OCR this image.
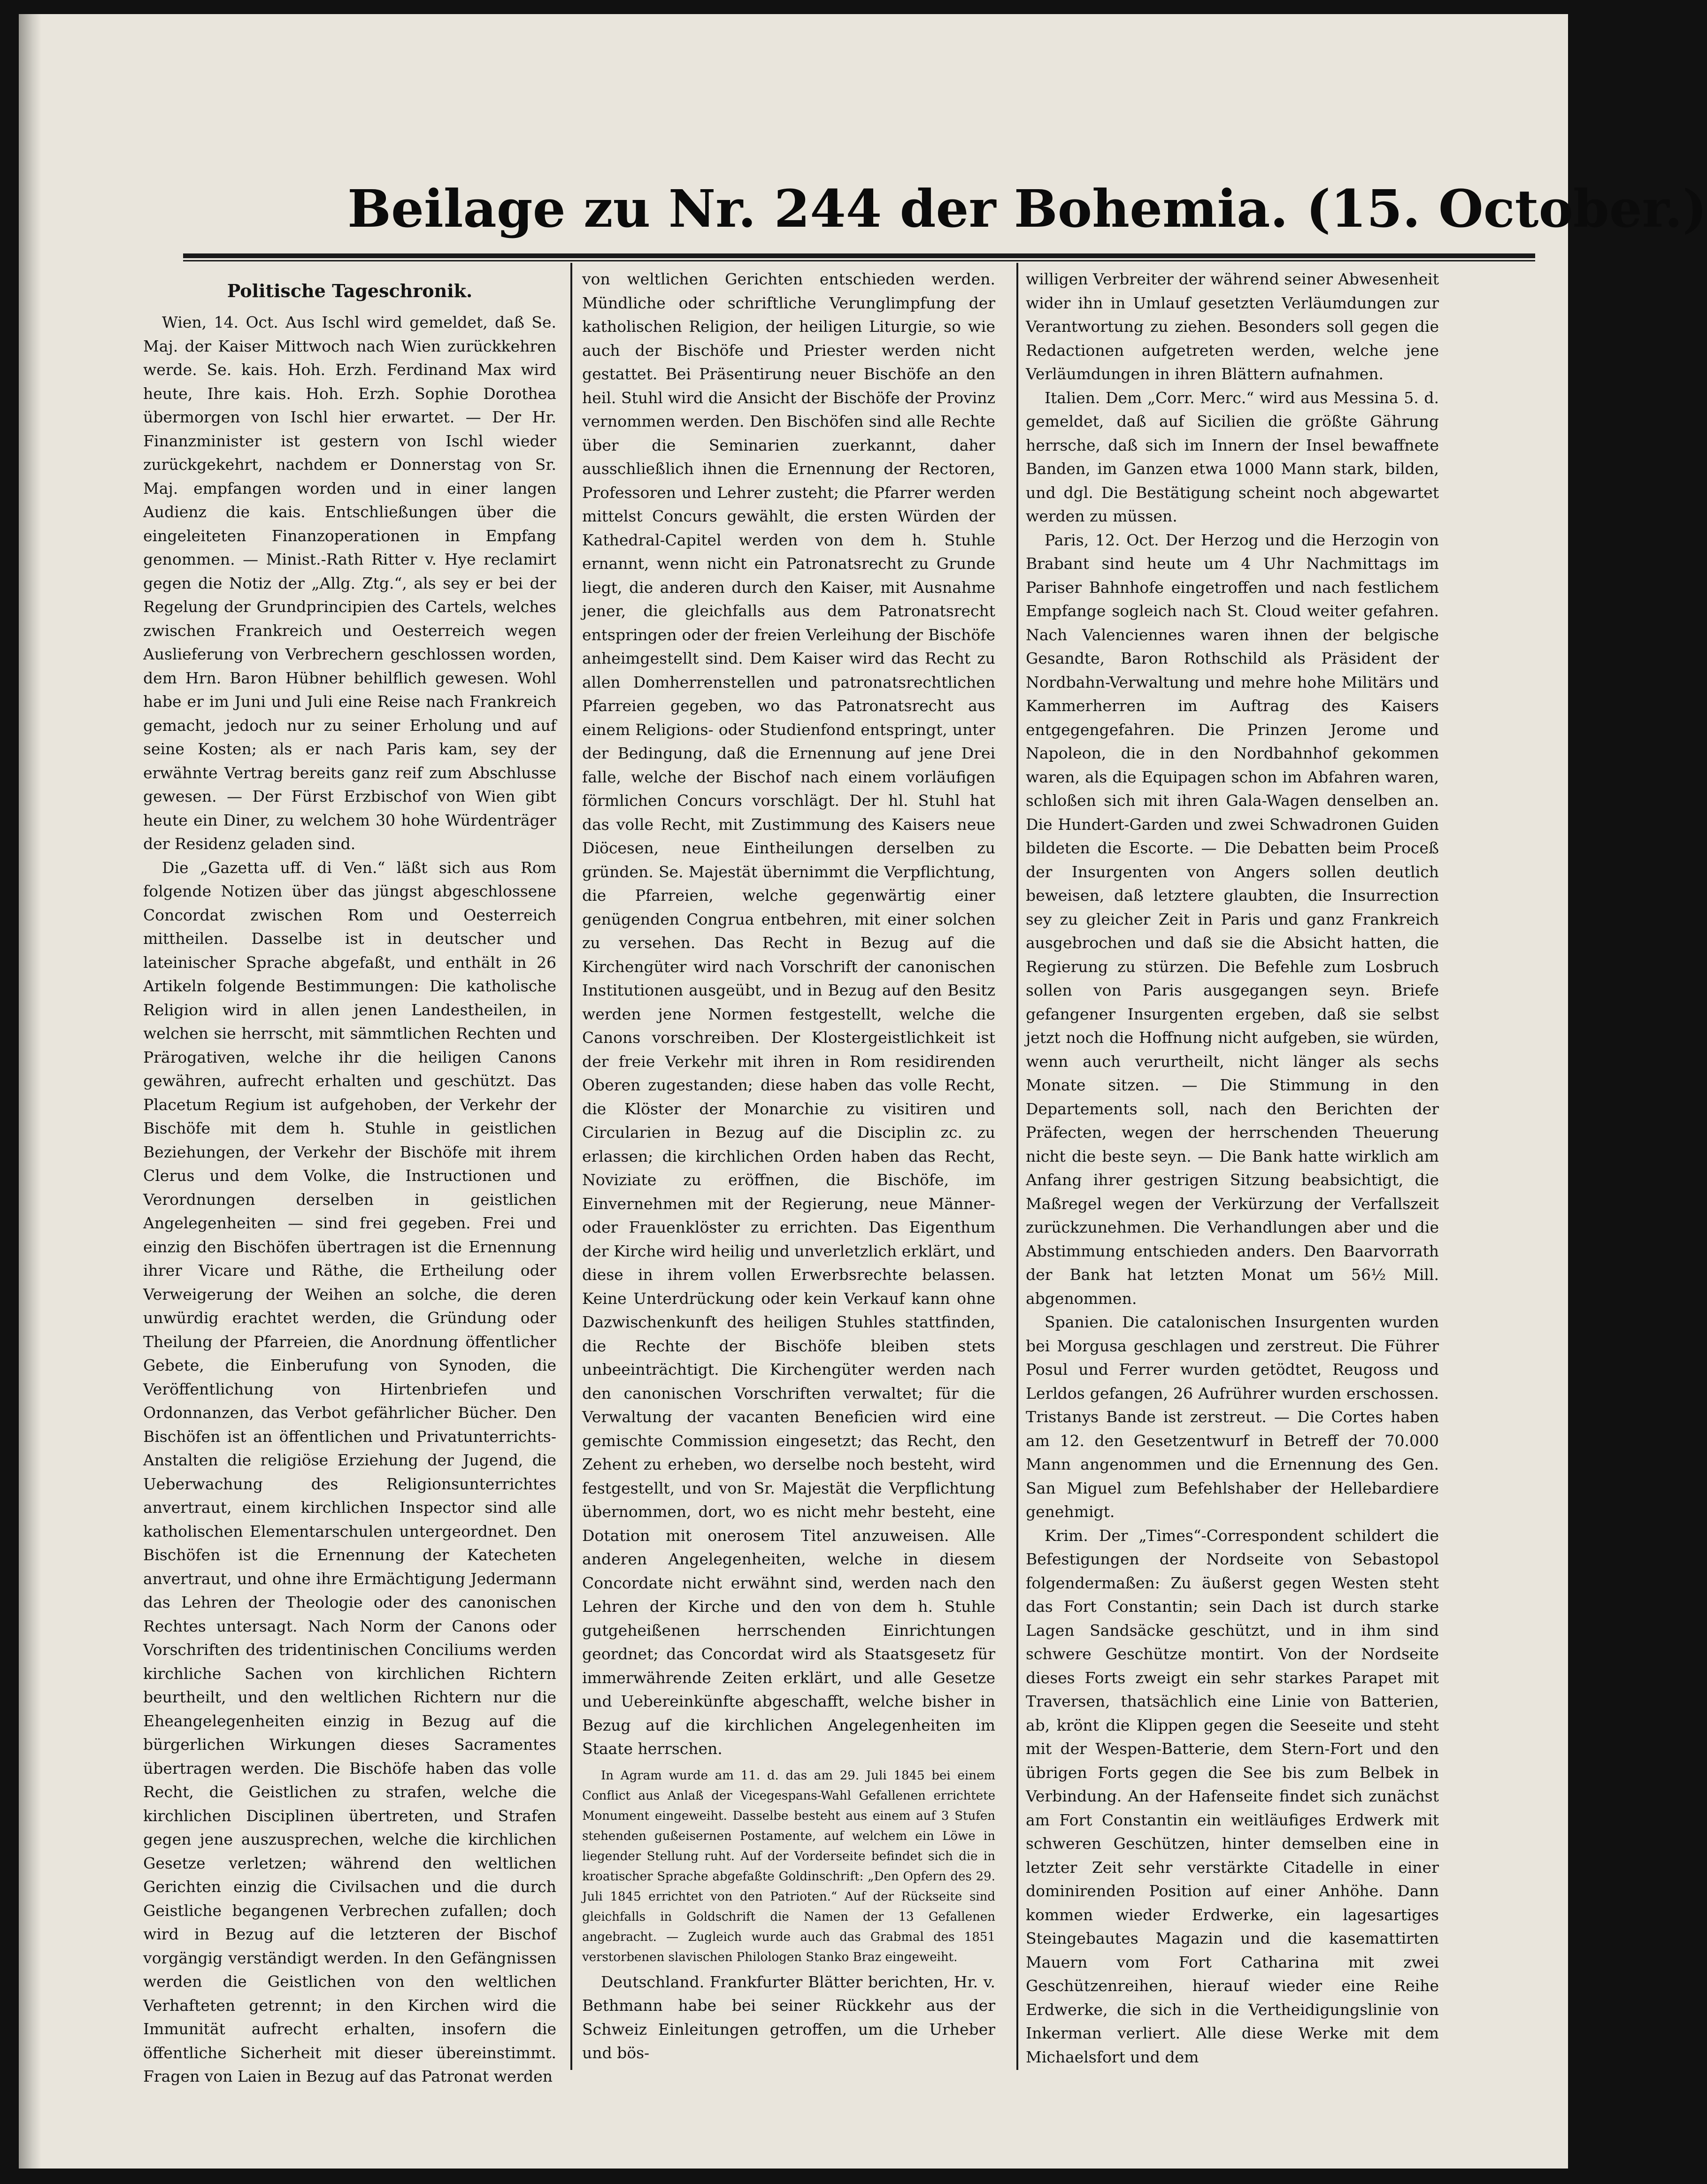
Beilage zu Nr. 244 der Bohemia. (15. October.)
Politische Tageschronik.

Wien, 14. Oct. Aus Ischl wird gemeldet, daß Se. Maj. der Kaiser Mittwoch nach Wien zurückkehren werde. Se. kais. Hoh. Erzh. Ferdinand Max wird heute, Ihre kais. Hoh. Erzh. Sophie Dorothea übermorgen von Ischl hier erwartet. — Der Hr. Finanzminister ist gestern von Ischl wieder zurückgekehrt, nachdem er Donnerstag von Sr. Maj. empfangen worden und in einer langen Audienz die kais. Entschließungen über die eingeleiteten Finanzoperationen in Empfang genommen. — Minist.-Rath Ritter v. Hye reclamirt gegen die Notiz der „Allg. Ztg.“, als sey er bei der Regelung der Grundprincipien des Cartels, welches zwischen Frankreich und Oesterreich wegen Auslieferung von Verbrechern geschlossen worden, dem Hrn. Baron Hübner behilflich gewesen. Wohl habe er im Juni und Juli eine Reise nach Frankreich gemacht, jedoch nur zu seiner Erholung und auf seine Kosten; als er nach Paris kam, sey der erwähnte Vertrag bereits ganz reif zum Abschlusse gewesen. — Der Fürst Erzbischof von Wien gibt heute ein Diner, zu welchem 30 hohe Würdenträger der Residenz geladen sind.

Die „Gazetta uff. di Ven.“ läßt sich aus Rom folgende Notizen über das jüngst abgeschlossene Concordat zwischen Rom und Oesterreich mittheilen. Dasselbe ist in deutscher und lateinischer Sprache abgefaßt, und enthält in 26 Artikeln folgende Bestimmungen: Die katholische Religion wird in allen jenen Landestheilen, in welchen sie herrscht, mit sämmtlichen Rechten und Prärogativen, welche ihr die heiligen Canons gewähren, aufrecht erhalten und geschützt. Das Placetum Regium ist aufgehoben, der Verkehr der Bischöfe mit dem h. Stuhle in geistlichen Beziehungen, der Verkehr der Bischöfe mit ihrem Clerus und dem Volke, die Instructionen und Verordnungen derselben in geistlichen Angelegenheiten — sind frei gegeben. Frei und einzig den Bischöfen übertragen ist die Ernennung ihrer Vicare und Räthe, die Ertheilung oder Verweigerung der Weihen an solche, die deren unwürdig erachtet werden, die Gründung oder Theilung der Pfarreien, die Anordnung öffentlicher Gebete, die Einberufung von Synoden, die Veröffentlichung von Hirtenbriefen und Ordonnanzen, das Verbot gefährlicher Bücher. Den Bischöfen ist an öffentlichen und Privatunterrichts-Anstalten die religiöse Erziehung der Jugend, die Ueberwachung des Religionsunterrichtes anvertraut, einem kirchlichen Inspector sind alle katholischen Elementarschulen untergeordnet. Den Bischöfen ist die Ernennung der Katecheten anvertraut, und ohne ihre Ermächtigung Jedermann das Lehren der Theologie oder des canonischen Rechtes untersagt. Nach Norm der Canons oder Vorschriften des tridentinischen Conciliums werden kirchliche Sachen von kirchlichen Richtern beurtheilt, und den weltlichen Richtern nur die Eheangelegenheiten einzig in Bezug auf die bürgerlichen Wirkungen dieses Sacramentes übertragen werden. Die Bischöfe haben das volle Recht, die Geistlichen zu strafen, welche die kirchlichen Disciplinen übertreten, und Strafen gegen jene auszusprechen, welche die kirchlichen Gesetze verletzen; während den weltlichen Gerichten einzig die Civilsachen und die durch Geistliche begangenen Verbrechen zufallen; doch wird in Bezug auf die letzteren der Bischof vorgängig verständigt werden. In den Gefängnissen werden die Geistlichen von den weltlichen Verhafteten getrennt; in den Kirchen wird die Immunität aufrecht erhalten, insofern die öffentliche Sicherheit mit dieser übereinstimmt. Fragen von Laien in Bezug auf das Patronat werden

von weltlichen Gerichten entschieden werden. Mündliche oder schriftliche Verunglimpfung der katholischen Religion, der heiligen Liturgie, so wie auch der Bischöfe und Priester werden nicht gestattet. Bei Präsentirung neuer Bischöfe an den heil. Stuhl wird die Ansicht der Bischöfe der Provinz vernommen werden. Den Bischöfen sind alle Rechte über die Seminarien zuerkannt, daher ausschließlich ihnen die Ernennung der Rectoren, Professoren und Lehrer zusteht; die Pfarrer werden mittelst Concurs gewählt, die ersten Würden der Kathedral-Capitel werden von dem h. Stuhle ernannt, wenn nicht ein Patronatsrecht zu Grunde liegt, die anderen durch den Kaiser, mit Ausnahme jener, die gleichfalls aus dem Patronatsrecht entspringen oder der freien Verleihung der Bischöfe anheimgestellt sind. Dem Kaiser wird das Recht zu allen Domherrenstellen und patronatsrechtlichen Pfarreien gegeben, wo das Patronatsrecht aus einem Religions- oder Studienfond entspringt, unter der Bedingung, daß die Ernennung auf jene Drei falle, welche der Bischof nach einem vorläufigen förmlichen Concurs vorschlägt. Der hl. Stuhl hat das volle Recht, mit Zustimmung des Kaisers neue Diöcesen, neue Eintheilungen derselben zu gründen. Se. Majestät übernimmt die Verpflichtung, die Pfarreien, welche gegenwärtig einer genügenden Congrua entbehren, mit einer solchen zu versehen. Das Recht in Bezug auf die Kirchengüter wird nach Vorschrift der canonischen Institutionen ausgeübt, und in Bezug auf den Besitz werden jene Normen festgestellt, welche die Canons vorschreiben. Der Klostergeistlichkeit ist der freie Verkehr mit ihren in Rom residirenden Oberen zugestanden; diese haben das volle Recht, die Klöster der Monarchie zu visitiren und Circularien in Bezug auf die Disciplin zc. zu erlassen; die kirchlichen Orden haben das Recht, Noviziate zu eröffnen, die Bischöfe, im Einvernehmen mit der Regierung, neue Männer- oder Frauenklöster zu errichten. Das Eigenthum der Kirche wird heilig und unverletzlich erklärt, und diese in ihrem vollen Erwerbsrechte belassen. Keine Unterdrückung oder kein Verkauf kann ohne Dazwischenkunft des heiligen Stuhles stattfinden, die Rechte der Bischöfe bleiben stets unbeeinträchtigt. Die Kirchengüter werden nach den canonischen Vorschriften verwaltet; für die Verwaltung der vacanten Beneficien wird eine gemischte Commission eingesetzt; das Recht, den Zehent zu erheben, wo derselbe noch besteht, wird festgestellt, und von Sr. Majestät die Verpflichtung übernommen, dort, wo es nicht mehr besteht, eine Dotation mit onerosem Titel anzuweisen. Alle anderen Angelegenheiten, welche in diesem Concordate nicht erwähnt sind, werden nach den Lehren der Kirche und den von dem h. Stuhle gutgeheißenen herrschenden Einrichtungen geordnet; das Concordat wird als Staatsgesetz für immerwährende Zeiten erklärt, und alle Gesetze und Uebereinkünfte abgeschafft, welche bisher in Bezug auf die kirchlichen Angelegenheiten im Staate herrschen.

In Agram wurde am 11. d. das am 29. Juli 1845 bei einem Conflict aus Anlaß der Vicegespans-Wahl Gefallenen errichtete Monument eingeweiht. Dasselbe besteht aus einem auf 3 Stufen stehenden gußeisernen Postamente, auf welchem ein Löwe in liegender Stellung ruht. Auf der Vorderseite befindet sich die in kroatischer Sprache abgefaßte Goldinschrift: „Den Opfern des 29. Juli 1845 errichtet von den Patrioten.“ Auf der Rückseite sind gleichfalls in Goldschrift die Namen der 13 Gefallenen angebracht. — Zugleich wurde auch das Grabmal des 1851 verstorbenen slavischen Philologen Stanko Braz eingeweiht.

Deutschland. Frankfurter Blätter berichten, Hr. v. Bethmann habe bei seiner Rückkehr aus der Schweiz Einleitungen getroffen, um die Urheber und bös-

willigen Verbreiter der während seiner Abwesenheit wider ihn in Umlauf gesetzten Verläumdungen zur Verantwortung zu ziehen. Besonders soll gegen die Redactionen aufgetreten werden, welche jene Verläumdungen in ihren Blättern aufnahmen.

Italien. Dem „Corr. Merc.“ wird aus Messina 5. d. gemeldet, daß auf Sicilien die größte Gährung herrsche, daß sich im Innern der Insel bewaffnete Banden, im Ganzen etwa 1000 Mann stark, bilden, und dgl. Die Bestätigung scheint noch abgewartet werden zu müssen.

Paris, 12. Oct. Der Herzog und die Herzogin von Brabant sind heute um 4 Uhr Nachmittags im Pariser Bahnhofe eingetroffen und nach festlichem Empfange sogleich nach St. Cloud weiter gefahren. Nach Valenciennes waren ihnen der belgische Gesandte, Baron Rothschild als Präsident der Nordbahn-Verwaltung und mehre hohe Militärs und Kammerherren im Auftrag des Kaisers entgegengefahren. Die Prinzen Jerome und Napoleon, die in den Nordbahnhof gekommen waren, als die Equipagen schon im Abfahren waren, schloßen sich mit ihren Gala-Wagen denselben an. Die Hundert-Garden und zwei Schwadronen Guiden bildeten die Escorte. — Die Debatten beim Proceß der Insurgenten von Angers sollen deutlich beweisen, daß letztere glaubten, die Insurrection sey zu gleicher Zeit in Paris und ganz Frankreich ausgebrochen und daß sie die Absicht hatten, die Regierung zu stürzen. Die Befehle zum Losbruch sollen von Paris ausgegangen seyn. Briefe gefangener Insurgenten ergeben, daß sie selbst jetzt noch die Hoffnung nicht aufgeben, sie würden, wenn auch verurtheilt, nicht länger als sechs Monate sitzen. — Die Stimmung in den Departements soll, nach den Berichten der Präfecten, wegen der herrschenden Theuerung nicht die beste seyn. — Die Bank hatte wirklich am Anfang ihrer gestrigen Sitzung beabsichtigt, die Maßregel wegen der Verkürzung der Verfallszeit zurückzunehmen. Die Verhandlungen aber und die Abstimmung entschieden anders. Den Baarvorrath der Bank hat letzten Monat um 56½ Mill. abgenommen.

Spanien. Die catalonischen Insurgenten wurden bei Morgusa geschlagen und zerstreut. Die Führer Posul und Ferrer wurden getödtet, Reugoss und Lerldos gefangen, 26 Aufrührer wurden erschossen. Tristanys Bande ist zerstreut. — Die Cortes haben am 12. den Gesetzentwurf in Betreff der 70.000 Mann angenommen und die Ernennung des Gen. San Miguel zum Befehlshaber der Hellebardiere genehmigt.

Krim. Der „Times“-Correspondent schildert die Befestigungen der Nordseite von Sebastopol folgendermaßen: Zu äußerst gegen Westen steht das Fort Constantin; sein Dach ist durch starke Lagen Sandsäcke geschützt, und in ihm sind schwere Geschütze montirt. Von der Nordseite dieses Forts zweigt ein sehr starkes Parapet mit Traversen, thatsächlich eine Linie von Batterien, ab, krönt die Klippen gegen die Seeseite und steht mit der Wespen-Batterie, dem Stern-Fort und den übrigen Forts gegen die See bis zum Belbek in Verbindung. An der Hafenseite findet sich zunächst am Fort Constantin ein weitläufiges Erdwerk mit schweren Geschützen, hinter demselben eine in letzter Zeit sehr verstärkte Citadelle in einer dominirenden Position auf einer Anhöhe. Dann kommen wieder Erdwerke, ein lagesartiges Steingebautes Magazin und die kasemattirten Mauern vom Fort Catharina mit zwei Geschützenreihen, hierauf wieder eine Reihe Erdwerke, die sich in die Vertheidigungslinie von Inkerman verliert. Alle diese Werke mit dem Michaelsfort und dem
